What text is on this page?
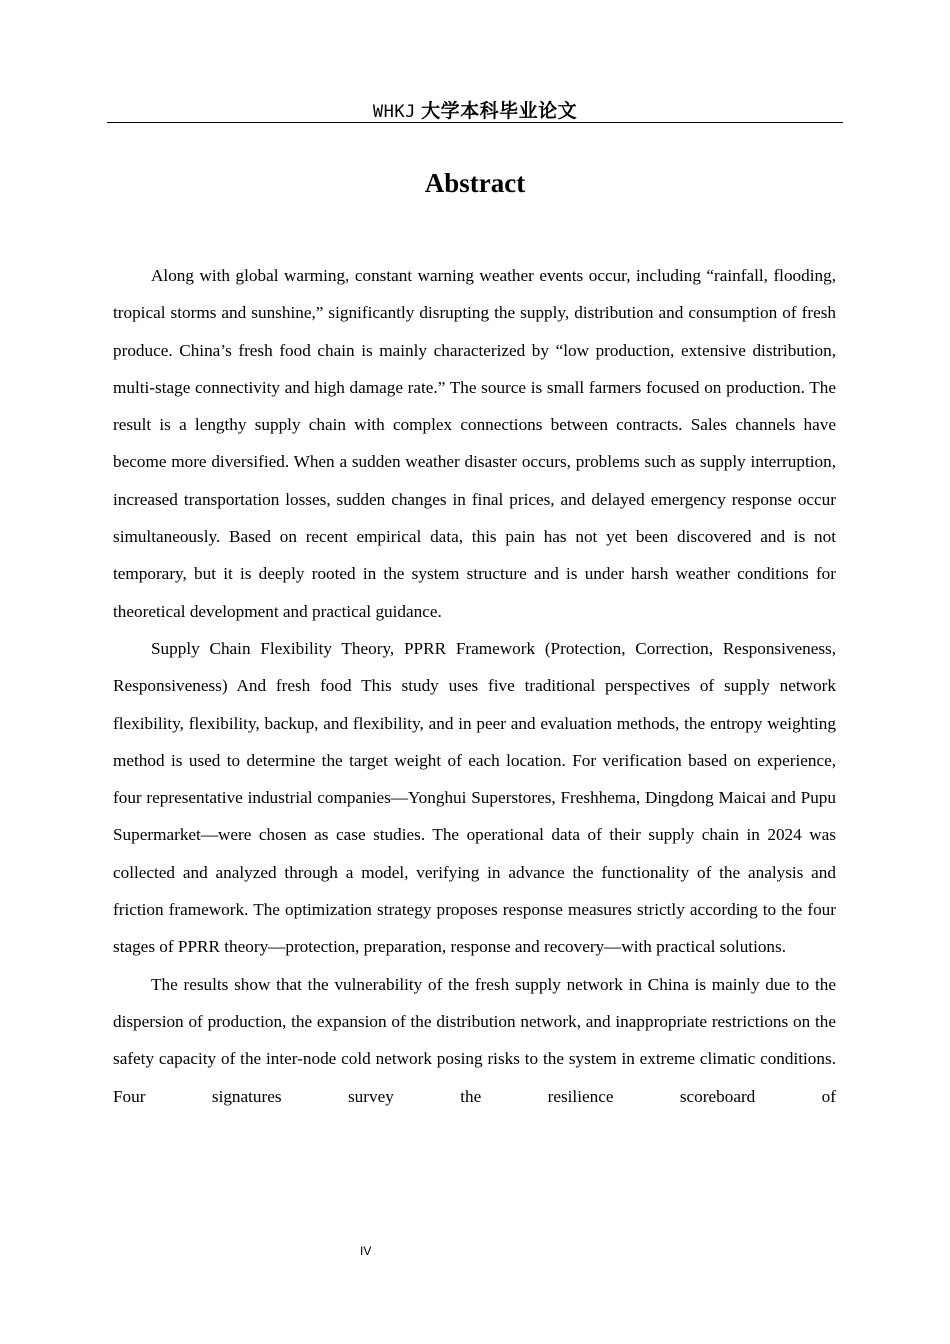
WHKJ 大学本科毕业论文
Abstract

Along with global warming, constant warning weather events occur, including “rainfall, flooding, tropical storms and sunshine,” significantly disrupting the supply, distribution and consumption of fresh produce. China’s fresh food chain is mainly characterized by “low production, extensive distribution, multi-stage connectivity and high damage rate.” The source is small farmers focused on production. The result is a lengthy supply chain with complex connections between contracts. Sales channels have become more diversified. When a sudden weather disaster occurs, problems such as supply interruption, increased transportation losses, sudden changes in final prices, and delayed emergency response occur simultaneously. Based on recent empirical data, this pain has not yet been discovered and is not temporary, but it is deeply rooted in the system structure and is under harsh weather conditions for theoretical development and practical guidance.

Supply Chain Flexibility Theory, PPRR Framework (Protection, Correction, Responsiveness, Responsiveness) And fresh food This study uses five traditional perspectives of supply network flexibility, flexibility, backup, and flexibility, and in peer and evaluation methods, the entropy weighting method is used to determine the target weight of each location. For verification based on experience, four representative industrial companies—Yonghui Superstores, Freshhema, Dingdong Maicai and Pupu Supermarket—were chosen as case studies. The operational data of their supply chain in 2024 was collected and analyzed through a model, verifying in advance the functionality of the analysis and friction framework. The optimization strategy proposes response measures strictly according to the four stages of PPRR theory—protection, preparation, response and recovery—with practical solutions.

The results show that the vulnerability of the fresh supply network in China is mainly due to the dispersion of production, the expansion of the distribution network, and inappropriate restrictions on the safety capacity of the inter-node cold network posing risks to the system in extreme climatic conditions. Four signatures survey the resilience scoreboard of

IV
